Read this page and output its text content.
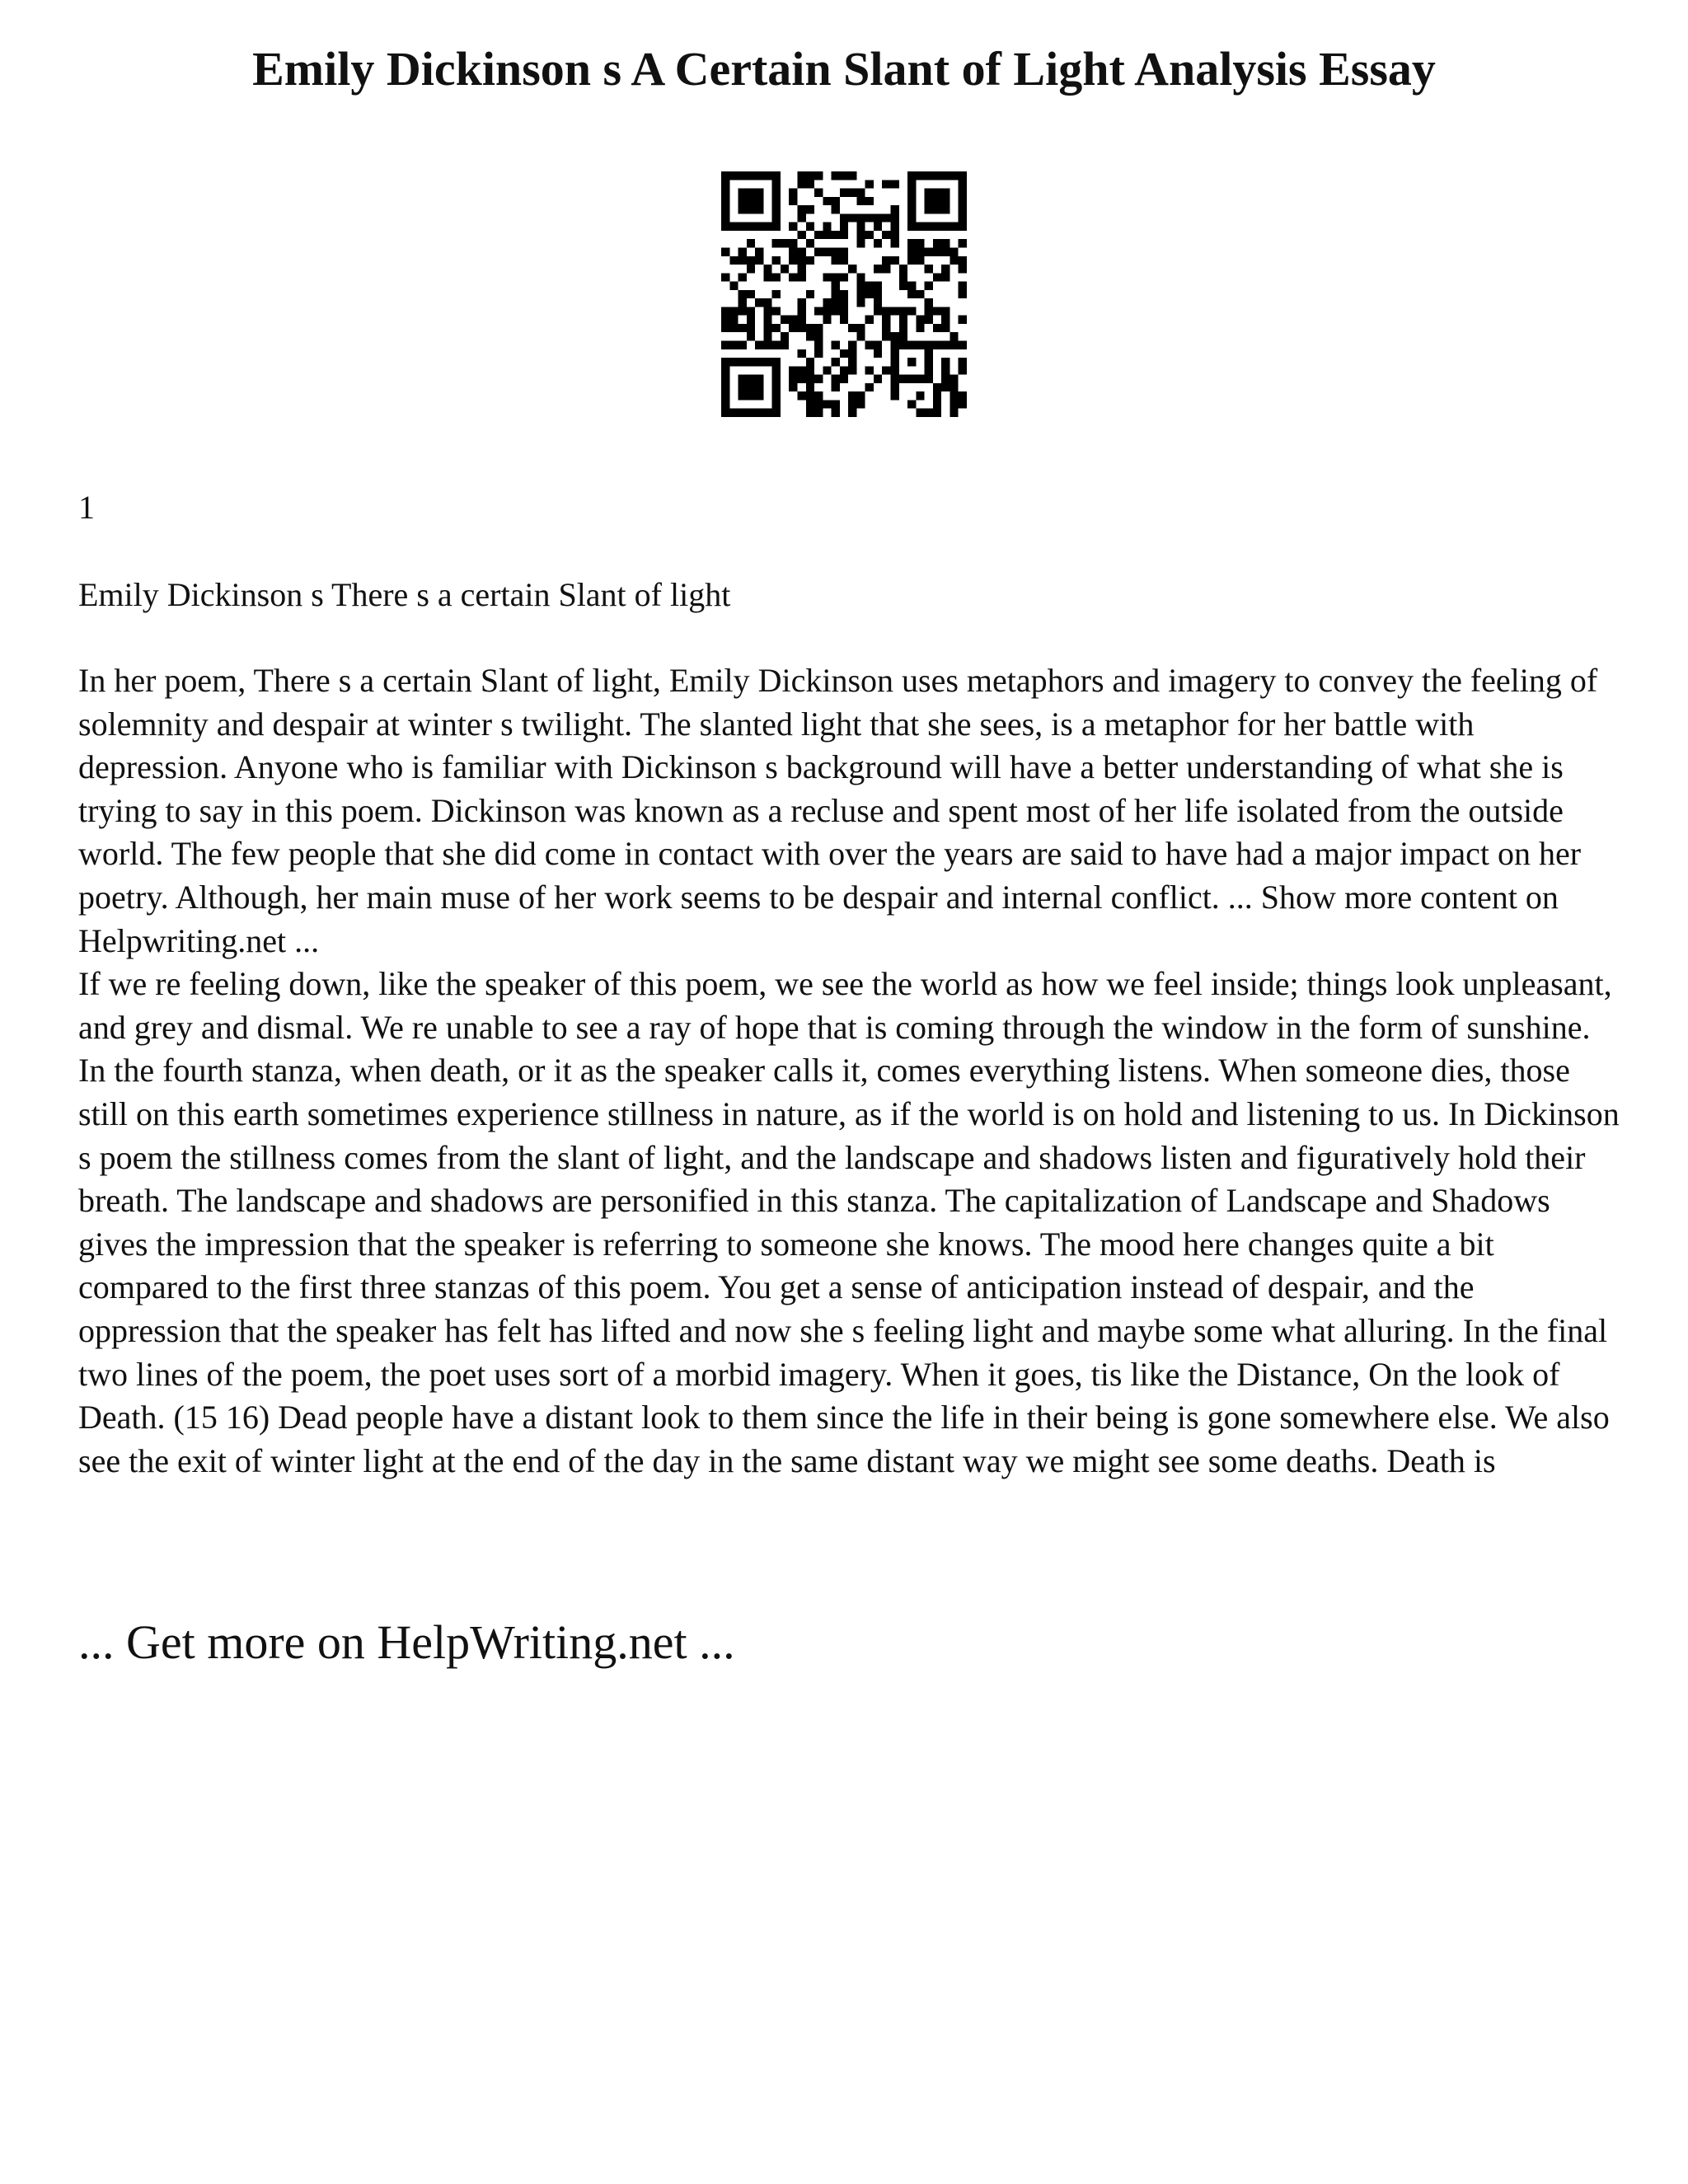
Emily Dickinson s A Certain Slant of Light Analysis Essay

1

Emily Dickinson s There s a certain Slant of light

In her poem, There s a certain Slant of light, Emily Dickinson uses metaphors and imagery to convey the feeling of solemnity and despair at winter s twilight. The slanted light that she sees, is a metaphor for her battle with depression. Anyone who is familiar with Dickinson s background will have a better understanding of what she is trying to say in this poem. Dickinson was known as a recluse and spent most of her life isolated from the outside world. The few people that she did come in contact with over the years are said to have had a major impact on her poetry. Although, her main muse of her work seems to be despair and internal conflict. ... Show more content on Helpwriting.net ...

If we re feeling down, like the speaker of this poem, we see the world as how we feel inside; things look unpleasant, and grey and dismal. We re unable to see a ray of hope that is coming through the window in the form of sunshine. In the fourth stanza, when death, or it as the speaker calls it, comes everything listens. When someone dies, those still on this earth sometimes experience stillness in nature, as if the world is on hold and listening to us. In Dickinson s poem the stillness comes from the slant of light, and the landscape and shadows listen and figuratively hold their breath. The landscape and shadows are personified in this stanza. The capitalization of Landscape and Shadows gives the impression that the speaker is referring to someone she knows. The mood here changes quite a bit compared to the first three stanzas of this poem. You get a sense of anticipation instead of despair, and the oppression that the speaker has felt has lifted and now she s feeling light and maybe some what alluring. In the final two lines of the poem, the poet uses sort of a morbid imagery. When it goes, tis like the Distance, On the look of Death. (15 16) Dead people have a distant look to them since the life in their being is gone somewhere else. We also see the exit of winter light at the end of the day in the same distant way we might see some deaths. Death is

... Get more on HelpWriting.net ...
